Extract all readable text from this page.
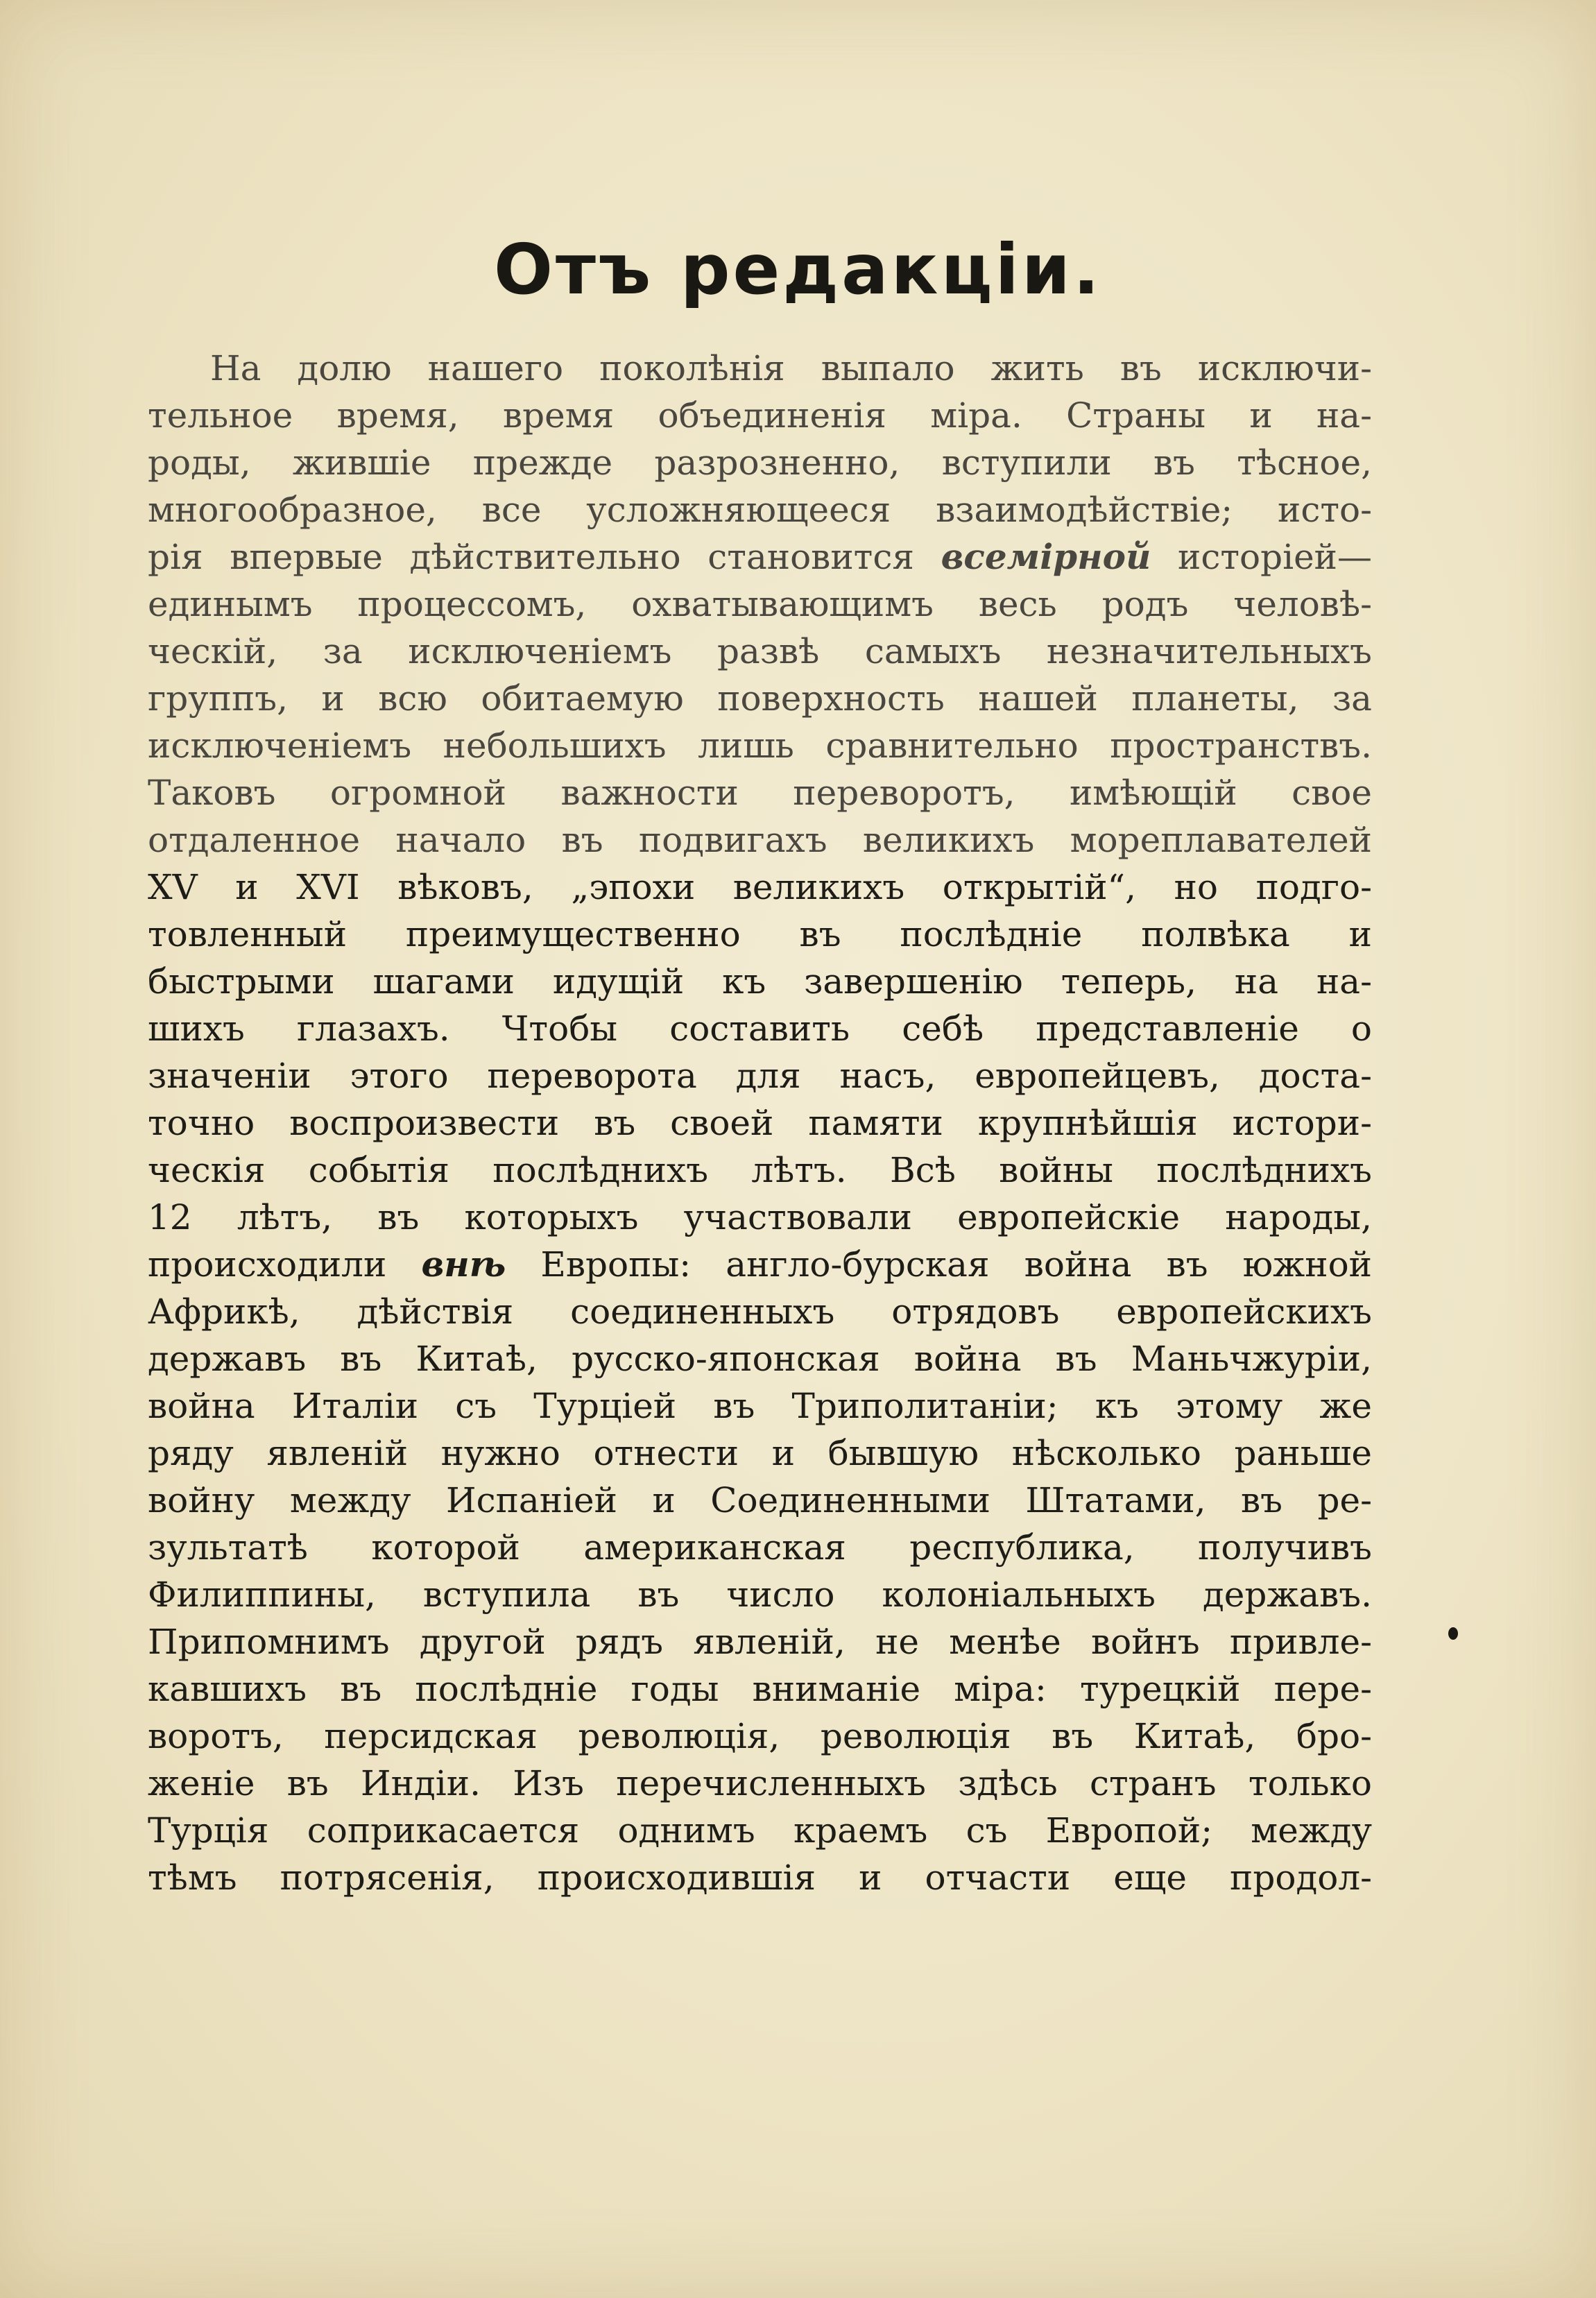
Отъ редакціи.
На долю нашего поколѣнія выпало жить въ исключи-
тельное время, время объединенія міра. Страны и на-
роды, жившіе прежде разрозненно, вступили въ тѣсное,
многообразное, все усложняющееся взаимодѣйствіе; исто-
рія впервые дѣйствительно становится всемірной исторіей—
единымъ процессомъ, охватывающимъ весь родъ человѣ-
ческій, за исключеніемъ развѣ самыхъ незначительныхъ
группъ, и всю обитаемую поверхность нашей планеты, за
исключеніемъ небольшихъ лишь сравнительно пространствъ.
Таковъ огромной важности переворотъ, имѣющій свое
отдаленное начало въ подвигахъ великихъ мореплавателей
XV и XVI вѣковъ, „эпохи великихъ открытій“, но подго-
товленный преимущественно въ послѣдніе полвѣка и
быстрыми шагами идущій къ завершенію теперь, на на-
шихъ глазахъ. Чтобы составить себѣ представленіе о
значеніи этого переворота для насъ, европейцевъ, доста-
точно воспроизвести въ своей памяти крупнѣйшія истори-
ческія событія послѣднихъ лѣтъ. Всѣ войны послѣднихъ
12 лѣтъ, въ которыхъ участвовали европейскіе народы,
происходили внѣ Европы: англо-бурская война въ южной
Африкѣ, дѣйствія соединенныхъ отрядовъ европейскихъ
державъ въ Китаѣ, русско-японская война въ Маньчжуріи,
война Италіи съ Турціей въ Триполитаніи; къ этому же
ряду явленій нужно отнести и бывшую нѣсколько раньше
войну между Испаніей и Соединенными Штатами, въ ре-
зультатѣ которой американская республика, получивъ
Филиппины, вступила въ число колоніальныхъ державъ.
Припомнимъ другой рядъ явленій, не менѣе войнъ привле-
кавшихъ въ послѣдніе годы вниманіе міра: турецкій пере-
воротъ, персидская революція, революція въ Китаѣ, бро-
женіе въ Индіи. Изъ перечисленныхъ здѣсь странъ только
Турція соприкасается однимъ краемъ съ Европой; между
тѣмъ потрясенія, происходившія и отчасти еще продол-
